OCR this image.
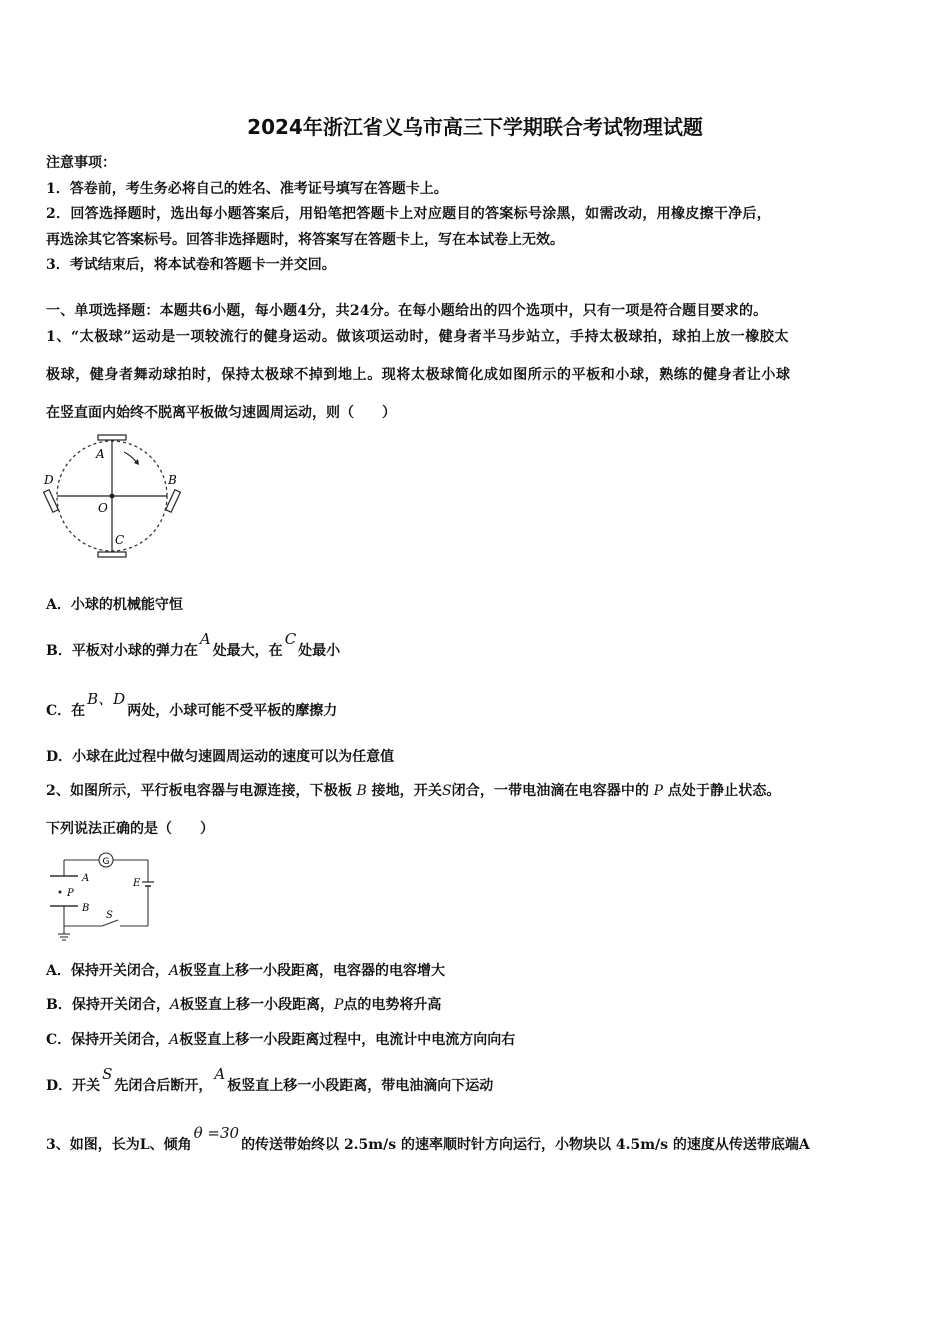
2024年浙江省义乌市高三下学期联合考试物理试题
注意事项：
1．答卷前，考生务必将自己的姓名、准考证号填写在答题卡上。
2．回答选择题时，选出每小题答案后，用铅笔把答题卡上对应题目的答案标号涂黑，如需改动，用橡皮擦干净后，
再选涂其它答案标号。回答非选择题时，将答案写在答题卡上，写在本试卷上无效。
3．考试结束后，将本试卷和答题卡一并交回。
一、单项选择题：本题共6小题，每小题4分，共24分。在每小题给出的四个选项中，只有一项是符合题目要求的。
1、“太极球”运动是一项较流行的健身运动。做该项运动时，健身者半马步站立，手持太极球拍，球拍上放一橡胶太
极球，健身者舞动球拍时，保持太极球不掉到地上。现将太极球简化成如图所示的平板和小球，熟练的健身者让小球
在竖直面内始终不脱离平板做匀速圆周运动，则（　　）
A
B
C
D
O
A．小球的机械能守恒
B．平板对小球的弹力在A处最大，在C处最小
C．在B、D两处，小球可能不受平板的摩擦力
D．小球在此过程中做匀速圆周运动的速度可以为任意值
2、如图所示，平行板电容器与电源连接，下极板 B 接地，开关S闭合，一带电油滴在电容器中的 P 点处于静止状态。
下列说法正确的是（　　）
G
E
A
P
B
S
A．保持开关闭合，A板竖直上移一小段距离，电容器的电容增大
B．保持开关闭合，A板竖直上移一小段距离，P点的电势将升高
C．保持开关闭合，A板竖直上移一小段距离过程中，电流计中电流方向向右
D．开关S先闭合后断开，A板竖直上移一小段距离，带电油滴向下运动
3、如图，长为L、倾角θ =30的传送带始终以 2.5m/s 的速率顺时针方向运行，小物块以 4.5m/s 的速度从传送带底端A
